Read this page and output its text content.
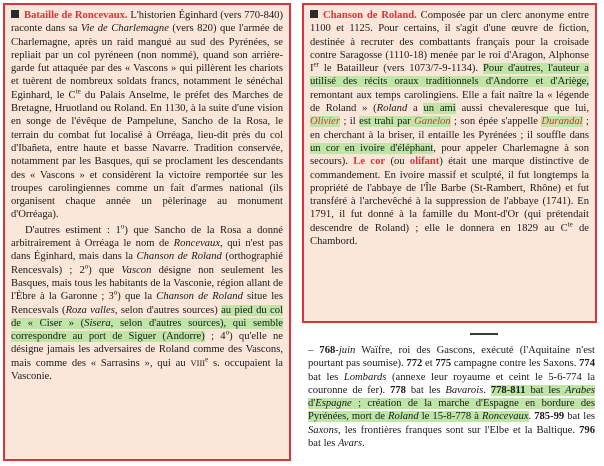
Bataille de Roncevaux. L'historien Éginhard (vers 770-840) raconte dans sa Vie de Charlemagne (vers 820) que l'armée de Charlemagne, après un raid mangué au sud des Pyrénées, se repliait par un col pyréneen (non nommé), quand son arrière-garde fut attaquée par des « Vascons » qui pillèrent les chariots et tuèrent de nombreux soldats francs, notamment le sénéchal Eginhard, le $C^{te}$ du Palais Anselme, le préfet des Marches de Bretagne, Hruotland ou Roland. En 1130, à la suite d'une vision en songe de l'évêque de Pampelune, Sancho de la Rosa, le terrain du combat fut localisé à Orréaga, lieu-dit près du col d'Ibañeta, entre haute et basse Navarre. Tradition conservée, notamment par les Basques, qui se proclament les descendants des « Vascons » et considèrent la victoire remportée sur les troupes carolingiennes comme un fait d'armes national (ils organisent chaque année un pèlerinage au monument d'Orréaga).

D'autres estiment : 1$^o$) que Sancho de la Rosa a donné arbitrairement à Orréaga le nom de Roncevaux, qui n'est pas dans Éginhard, mais dans la Chanson de Roland (orthographié Rencesvals) ; 2$^o$) que Vascon désigne non seulement les Basques, mais tous les habitants de la Vasconie, région allant de l'Èbre à la Garonne ; 3$^o$) que la Chanson de Roland situe les Rencesvals (Roza valles, selon d'autres sources) au pied du col de « Ciser » (Sisera, selon d'autres sources), qui semble correspondre au port de Siguer (Andorre) ; 4$^o$) qu'elle ne désigne jamais les adversaires de Roland comme des Vascons, mais comme des « Sarrasins », qui au VIIIe s. occupaient la Vasconie.

Chanson de Roland. Composée par un clerc anonyme entre 1100 et 1125. Pour certains, il s'agit d'une œuvre de fiction, destinée à recruter des combattants français pour la croisade contre Saragosse (1110-18) menée par le roi d'Aragon, Alphonse Ier le Batailleur (vers 1073/7-9-1134). Pour d'autres, l'auteur a utilisé des récits oraux traditionnels d'Andorre et d'Ariège, remontant aux temps carolingiens. Elle a fait naître la « légende de Roland » (Roland a un ami aussi chevaleresque que lui, Olivier ; il est trahi par Ganelon ; son épée s'appelle Durandal ; en cherchant à la briser, il entaille les Pyrénées ; il souffle dans un cor en ivoire d'éléphant, pour appeler Charlemagne à son secours). Le cor (ou olifant) était une marque distinctive de commandement. En ivoire massif et sculpté, il fut longtemps la propriété de l'abbaye de l'Île Barbe (St-Rambert, Rhône) et fut transféré à l'archevêché à la suppression de l'abbaye (1741). En 1791, il fut donné à la famille du Mont-d'Or (qui prétendait descendre de Roland) ; elle le donnera en 1829 au $C^{te}$ de Chambord.

– 768-juin Waïfre, roi des Gascons, exécuté (l'Aquitaine n'est pourtant pas soumise). 772 et 775 campagne contre les Saxons. 774 bat les Lombards (annexe leur royaume et ceint le 5-6-774 la couronne de fer). 778 bat les Bavarois. 778-811 bat les Arabes d'Espagne ; création de la marche d'Espagne en bordure des Pyrénées, mort de Roland le 15-8-778 à Roncevaux. 785-99 bat les Saxons, les frontières franques sont sur l'Elbe et la Baltique. 796 bat les Avars.
